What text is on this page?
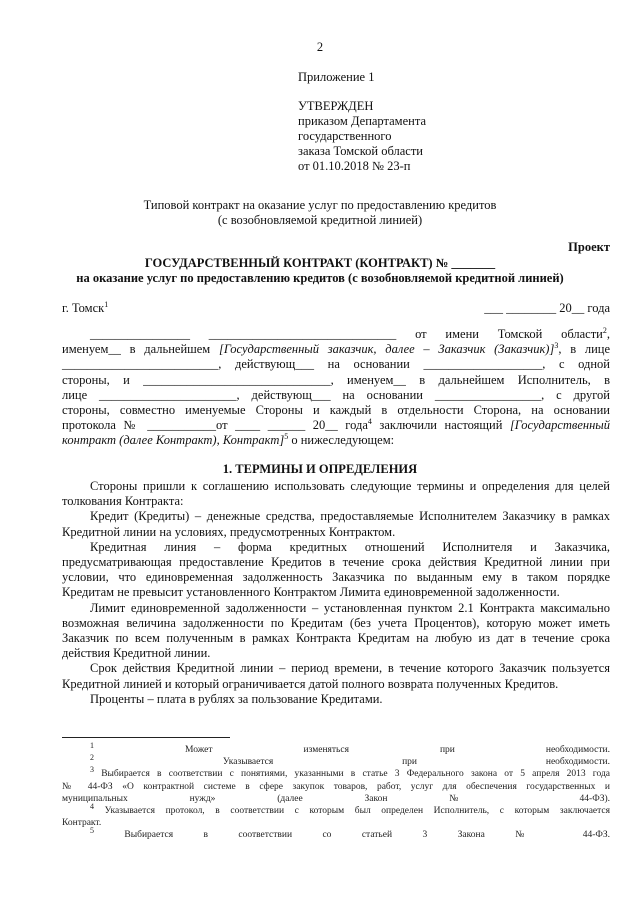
2
Приложение 1
УТВЕРЖДЕН
приказом Департамента
государственного
заказа Томской области
от 01.10.2018 № 23-п
Типовой контракт на оказание услуг по предоставлению кредитов
(с возобновляемой кредитной линией)
Проект
ГОСУДАРСТВЕННЫЙ КОНТРАКТ (КОНТРАКТ) № _______
на оказание услуг по предоставлению кредитов (с возобновляемой кредитной линией)
г. Томск$^1$	___ ________ 20__ года
________________ ______________________________ от имени Томской области$^2$,
именуем__ в дальнейшем [Государственный заказчик, далее – Заказчик (Заказчик)]$^3$, в лице
_________________________, действующ___ на основании ___________________, с одной
стороны, и ______________________________, именуем__ в дальнейшем Исполнитель, в
лице ______________________, действующ___ на основании _________________, с другой
стороны, совместно именуемые Стороны и каждый в отдельности Сторона, на основании
протокола № ___________от ____ ______ 20__ года$^4$ заключили настоящий [Государственный
контракт (далее Контракт), Контракт]$^5$ о нижеследующем:
1. ТЕРМИНЫ И ОПРЕДЕЛЕНИЯ
Стороны пришли к соглашению использовать следующие термины и определения для целей
толкования Контракта:
Кредит (Кредиты) – денежные средства, предоставляемые Исполнителем Заказчику в рамках
Кредитной линии на условиях, предусмотренных Контрактом.
Кредитная линия – форма кредитных отношений Исполнителя и Заказчика,
предусматривающая предоставление Кредитов в течение срока действия Кредитной линии при
условии, что единовременная задолженность Заказчика по выданным ему в таком порядке
Кредитам не превысит установленного Контрактом Лимита единовременной задолженности.
Лимит единовременной задолженности – установленная пунктом 2.1 Контракта максимально
возможная величина задолженности по Кредитам (без учета Процентов), которую может иметь
Заказчик по всем полученным в рамках Контракта Кредитам на любую из дат в течение срока
действия Кредитной линии.
Срок действия Кредитной линии – период времени, в течение которого Заказчик пользуется
Кредитной линией и который ограничивается датой полного возврата полученных Кредитов.
Проценты – плата в рублях за пользование Кредитами.
$^1$	Может изменяться при необходимости.
$^2$	Указывается при необходимости.
$^3$ Выбирается в соответствии с понятиями, указанными в статье 3 Федерального закона от 5 апреля 2013 года
№ 44-ФЗ «О контрактной системе в сфере закупок товаров, работ, услуг для обеспечения государственных и
муниципальных нужд» (далее Закон № 44-ФЗ).
$^4$ Указывается протокол, в соответствии с которым был определен Исполнитель, с которым заключается
Контракт.
$^5$	Выбирается в соответствии со статьей 3 Закона № 44-ФЗ.
